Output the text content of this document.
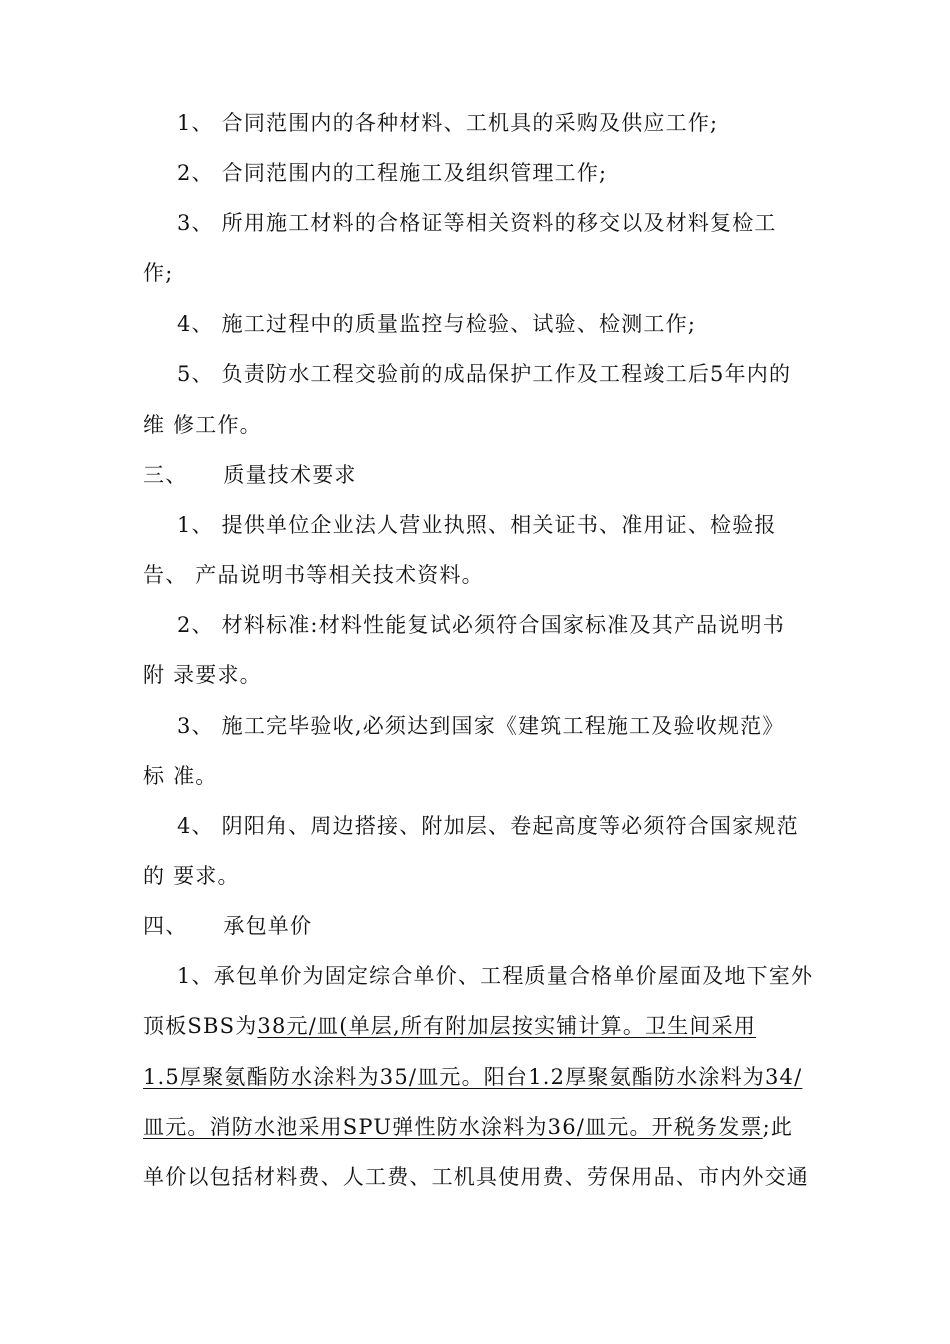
1、 合同范围内的各种材料、工机具的采购及供应工作;
2、 合同范围内的工程施工及组织管理工作;
3、 所用施工材料的合格证等相关资料的移交以及材料复检工
作;
4、 施工过程中的质量监控与检验、试验、检测工作;
5、 负责防水工程交验前的成品保护工作及工程竣工后5年内的
维 修工作。
三、 质量技术要求
1、 提供单位企业法人营业执照、相关证书、准用证、检验报
告、 产品说明书等相关技术资料。
2、 材料标准:材料性能复试必须符合国家标准及其产品说明书
附 录要求。
3、 施工完毕验收,必须达到国家《建筑工程施工及验收规范》
标 准。
4、 阴阳角、周边搭接、附加层、卷起高度等必须符合国家规范
的 要求。
四、 承包单价
1、承包单价为固定综合单价、工程质量合格单价屋面及地下室外
顶板SBS为38元/皿(单层,所有附加层按实铺计算。卫生间采用
1.5厚聚氨酯防水涂料为35/皿元。阳台1.2厚聚氨酯防水涂料为34/
皿元。消防水池采用SPU弹性防水涂料为36/皿元。开税务发票;此
单价以包括材料费、人工费、工机具使用费、劳保用品、市内外交通
